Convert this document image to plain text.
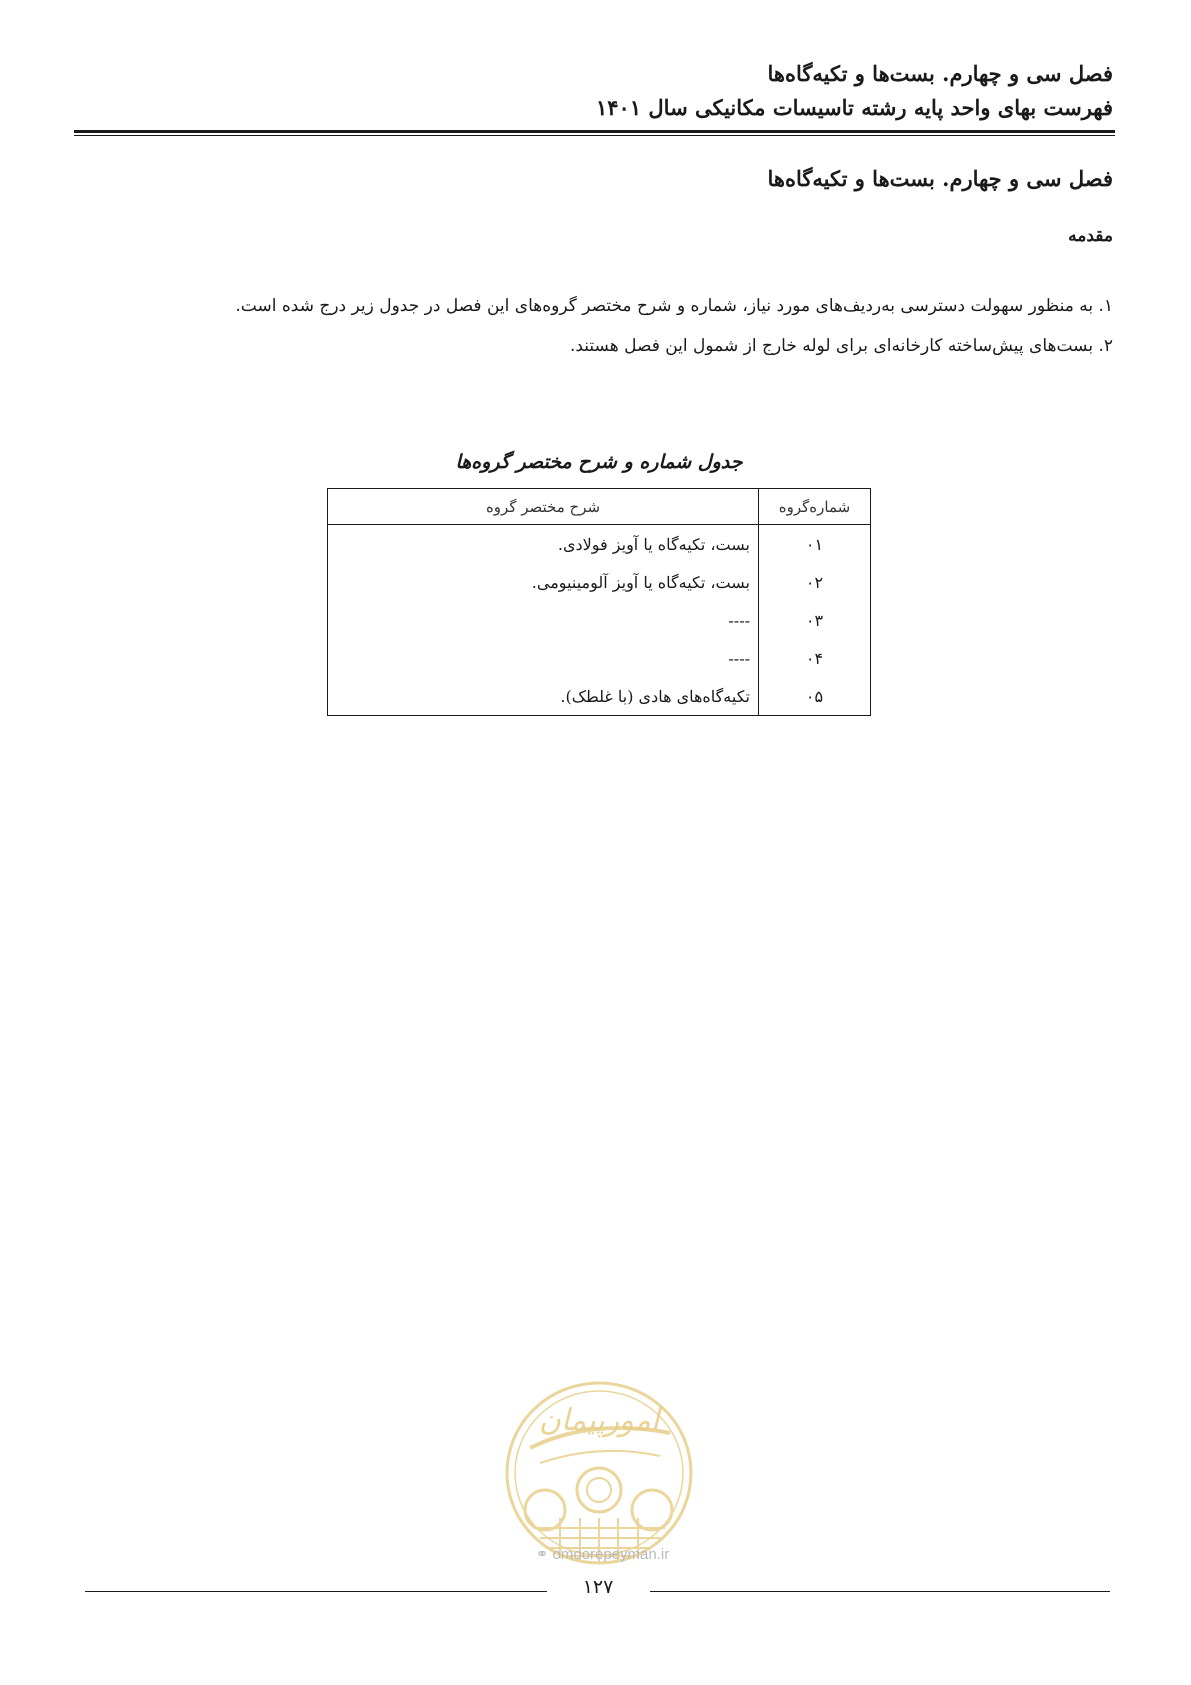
فصل سی و چهارم. بست‌ها و تکیه‌گاه‌ها
فهرست بهای واحد پایه رشته تاسیسات مکانیکی سال ۱۴۰۱
فصل سی و چهارم. بست‌ها و تکیه‌گاه‌ها
مقدمه

۱. به منظور سهولت دسترسی به‌ردیف‌های مورد نیاز، شماره و شرح مختصر گروه‌های این فصل در جدول زیر درج شده است.

۲. بست‌های پیش‌ساخته کارخانه‌ای برای لوله خارج از شمول این فصل هستند.

جدول شماره و شرح مختصر گروه‌ها
شماره‌گروه	شرح مختصر گروه
۰۱	بست، تکیه‌گاه یا آویز فولادی.
۰۲	بست، تکیه‌گاه یا آویز آلومینیومی.
۰۳	----
۰۴	----
۰۵	تکیه‌گاه‌های هادی (با غلطک).
امورپیمان
⚭ omoorepeyman.ir
۱۲۷
